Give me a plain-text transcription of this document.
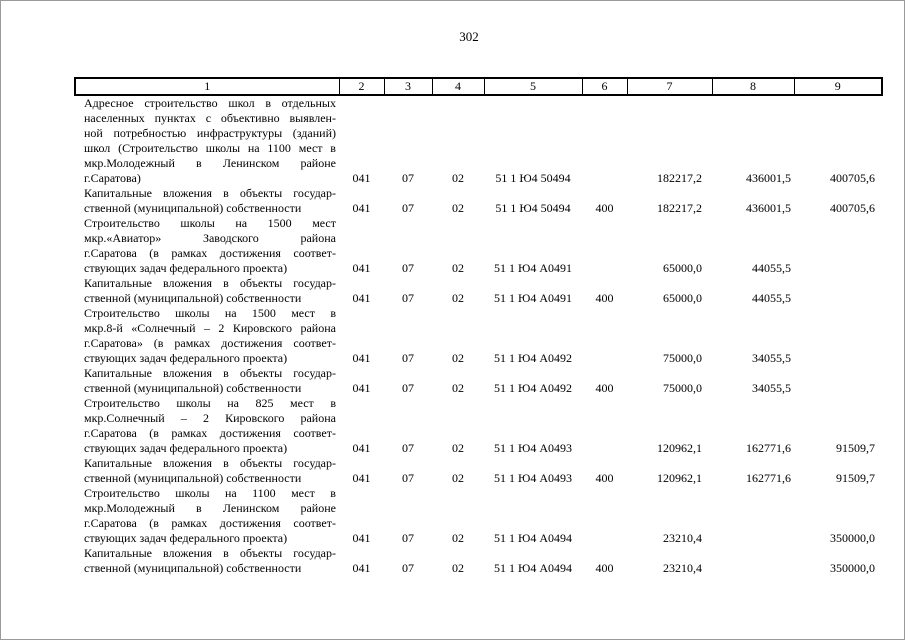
302
1	2	3	4	5	6	7	8	9

Адресное строительство школ в отдельных
населенных пунктах с объективно выявлен-
ной потребностью инфраструктуры (зданий)
школ (Строительство школы на 1100 мест в
мкр.Молодежный в Ленинском районе
г.Саратова)	041	07	02	51 1 Ю4 50494		182217,2	436001,5	400705,6

Капитальные вложения в объекты государ-
ственной (муниципальной) собственности	041	07	02	51 1 Ю4 50494	400	182217,2	436001,5	400705,6

Строительство школы на 1500 мест
мкр.«Авиатор»	Заводского	района
г.Саратова (в рамках достижения соответ-
ствующих задач федерального проекта)	041	07	02	51 1 Ю4 А0491		65000,0	44055,5	

Капитальные вложения в объекты государ-
ственной (муниципальной) собственности	041	07	02	51 1 Ю4 А0491	400	65000,0	44055,5	

Строительство школы на 1500 мест в
мкр.8-й «Солнечный – 2 Кировского района
г.Саратова» (в рамках достижения соответ-
ствующих задач федерального проекта)	041	07	02	51 1 Ю4 А0492		75000,0	34055,5	

Капитальные вложения в объекты государ-
ственной (муниципальной) собственности	041	07	02	51 1 Ю4 А0492	400	75000,0	34055,5	

Строительство школы на 825 мест в
мкр.Солнечный – 2 Кировского района
г.Саратова (в рамках достижения соответ-
ствующих задач федерального проекта)	041	07	02	51 1 Ю4 А0493		120962,1	162771,6	91509,7

Капитальные вложения в объекты государ-
ственной (муниципальной) собственности	041	07	02	51 1 Ю4 А0493	400	120962,1	162771,6	91509,7

Строительство школы на 1100 мест в
мкр.Молодежный в Ленинском районе
г.Саратова (в рамках достижения соответ-
ствующих задач федерального проекта)	041	07	02	51 1 Ю4 А0494		23210,4		350000,0

Капитальные вложения в объекты государ-
ственной (муниципальной) собственности	041	07	02	51 1 Ю4 А0494	400	23210,4		350000,0
